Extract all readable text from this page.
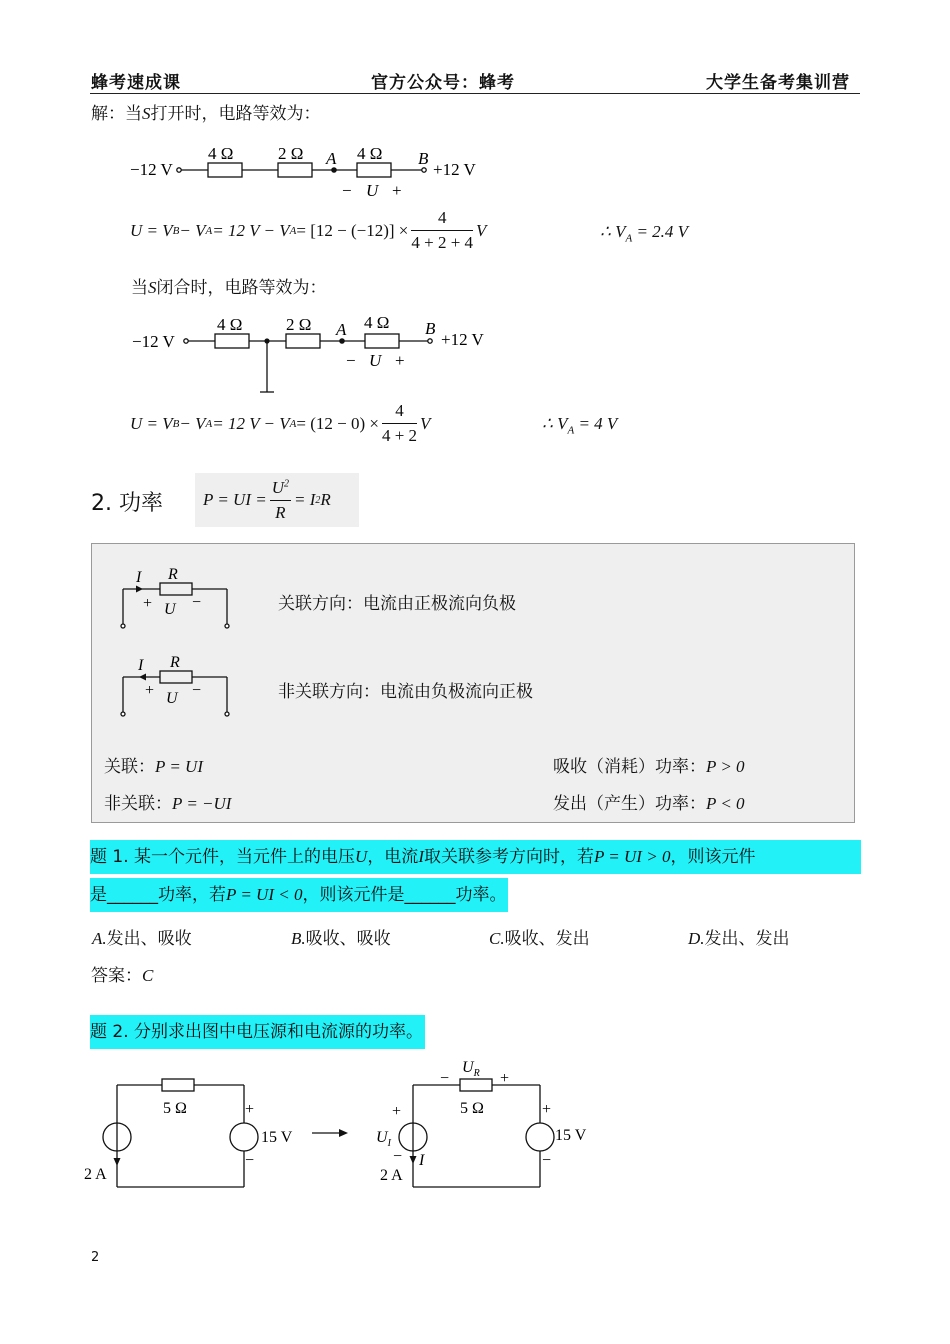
蜂考速成课	官方公众号：蜂考	大学生备考集训营
解：当S打开时，电路等效为：
−12 V
4 Ω	2 Ω A 4 Ω B
+12 V
− U +
U = V B − V A = 12 V − V $A = [12 - (-12)] \times \frac{4}{4 + 2 + 4}$ V	∴ $V_A = 2.4$ V
当S闭合时，电路等效为：
−12 V
4 Ω	2 Ω A 4 Ω B
+12 V
− U +
U = V B − V A = 12 V − V $A = (12 - 0) \times \frac{4}{4 + 2}$ V	∴ $V_A = 4$ V
2. 功率 P = UI = $\frac{U^2}{R} = I$ 2 R
I R
+ U −	关联方向：电流由正极流向负极
I R
+ U −	非关联方向：电流由负极流向正极
关联：P = UI	吸收（消耗）功率：P > 0
非关联：P = −UI	发出（产生）功率：P < 0
题 1. 某一个元件，当元件上的电压U，电流I取关联参考方向时，若P = UI > 0，则该元件
是______功率，若P = UI < 0，则该元件是______功率。
A.发出、吸收	B.吸收、吸收	C.吸收、发出	D.发出、发出
答案：C
题 2. 分别求出图中电压源和电流源的功率。
5 Ω	+
15 V
−
2 A
$U_R$
−	+
5 Ω
+
$U_I$
− I
+
15 V
−
2 A
2
